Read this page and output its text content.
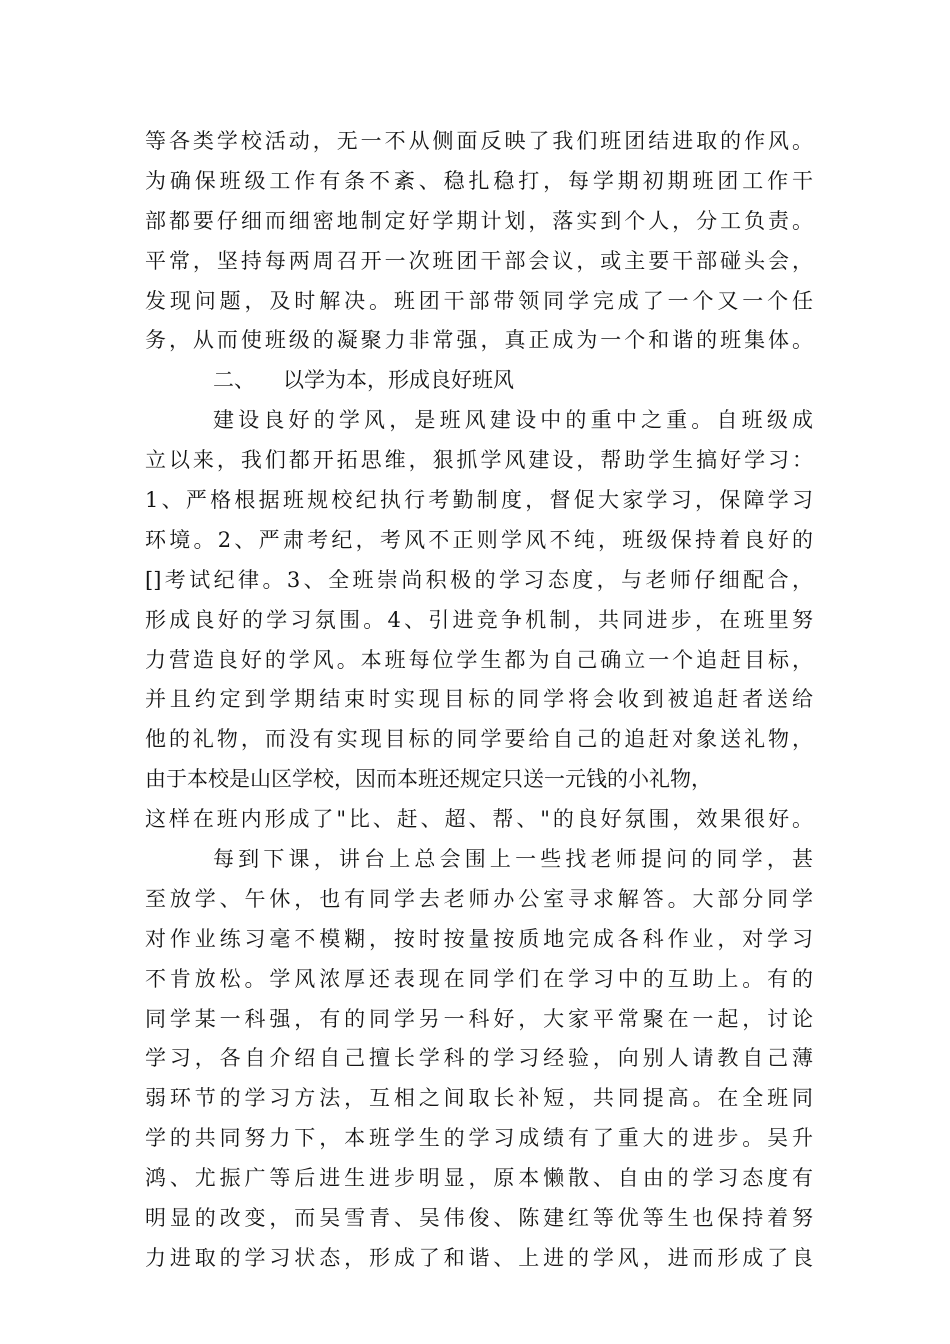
等各类学校活动，无一不从侧面反映了我们班团结进取的作风。
为确保班级工作有条不紊、稳扎稳打，每学期初期班团工作干
部都要仔细而细密地制定好学期计划，落实到个人，分工负责。
平常，坚持每两周召开一次班团干部会议，或主要干部碰头会，
发现问题，及时解决。班团干部带领同学完成了一个又一个任
务，从而使班级的凝聚力非常强，真正成为一个和谐的班集体。
二、 以学为本，形成良好班风
建设良好的学风，是班风建设中的重中之重。自班级成
立以来，我们都开拓思维，狠抓学风建设，帮助学生搞好学习：
1、严格根据班规校纪执行考勤制度，督促大家学习，保障学习
环境。2、严肃考纪，考风不正则学风不纯，班级保持着良好的
[]考试纪律。3、全班崇尚积极的学习态度，与老师仔细配合，
形成良好的学习氛围。4、引进竞争机制，共同进步，在班里努
力营造良好的学风。本班每位学生都为自己确立一个追赶目标，
并且约定到学期结束时实现目标的同学将会收到被追赶者送给
他的礼物，而没有实现目标的同学要给自己的追赶对象送礼物，
由于本校是山区学校，因而本班还规定只送一元钱的小礼物，
这样在班内形成了"比、赶、超、帮、"的良好氛围，效果很好。
每到下课，讲台上总会围上一些找老师提问的同学，甚
至放学、午休，也有同学去老师办公室寻求解答。大部分同学
对作业练习毫不模糊，按时按量按质地完成各科作业，对学习
不肯放松。学风浓厚还表现在同学们在学习中的互助上。有的
同学某一科强，有的同学另一科好，大家平常聚在一起，讨论
学习，各自介绍自己擅长学科的学习经验，向别人请教自己薄
弱环节的学习方法，互相之间取长补短，共同提高。在全班同
学的共同努力下，本班学生的学习成绩有了重大的进步。吴升
鸿、尤振广等后进生进步明显，原本懒散、自由的学习态度有
明显的改变，而吴雪青、吴伟俊、陈建红等优等生也保持着努
力进取的学习状态，形成了和谐、上进的学风，进而形成了良
